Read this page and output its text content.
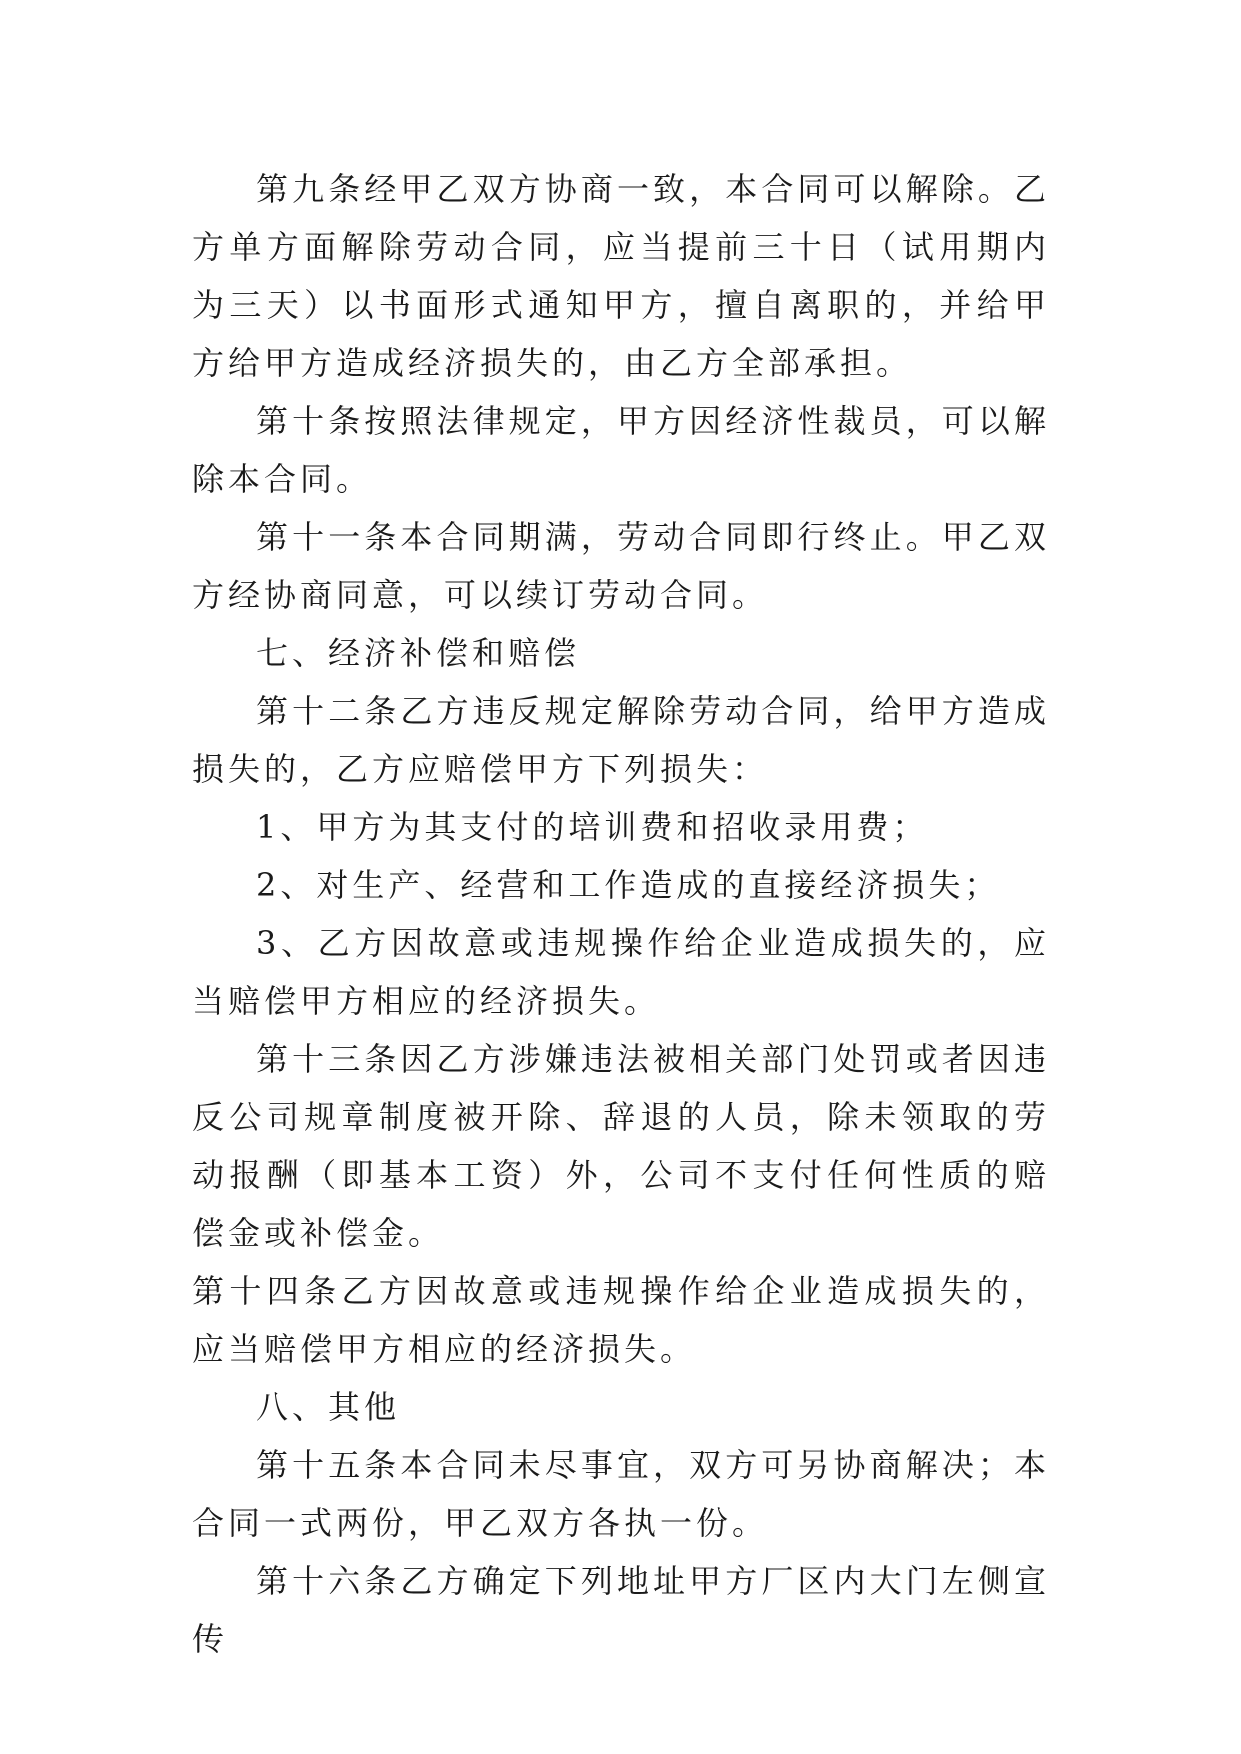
第九条经甲乙双方协商一致，本合同可以解除。乙方单方面解除劳动合同，应当提前三十日（试用期内为三天）以书面形式通知甲方，擅自离职的，并给甲方给甲方造成经济损失的，由乙方全部承担。

第十条按照法律规定，甲方因经济性裁员，可以解除本合同。

第十一条本合同期满，劳动合同即行终止。甲乙双方经协商同意，可以续订劳动合同。

七、经济补偿和赔偿

第十二条乙方违反规定解除劳动合同，给甲方造成损失的，乙方应赔偿甲方下列损失：

1、甲方为其支付的培训费和招收录用费；

2、对生产、经营和工作造成的直接经济损失；

3、乙方因故意或违规操作给企业造成损失的，应当赔偿甲方相应的经济损失。

第十三条因乙方涉嫌违法被相关部门处罚或者因违反公司规章制度被开除、辞退的人员，除未领取的劳动报酬（即基本工资）外，公司不支付任何性质的赔偿金或补偿金。

第十四条乙方因故意或违规操作给企业造成损失的，应当赔偿甲方相应的经济损失。

八、其他

第十五条本合同未尽事宜，双方可另协商解决；本合同一式两份，甲乙双方各执一份。

第十六条乙方确定下列地址甲方厂区内大门左侧宣传
